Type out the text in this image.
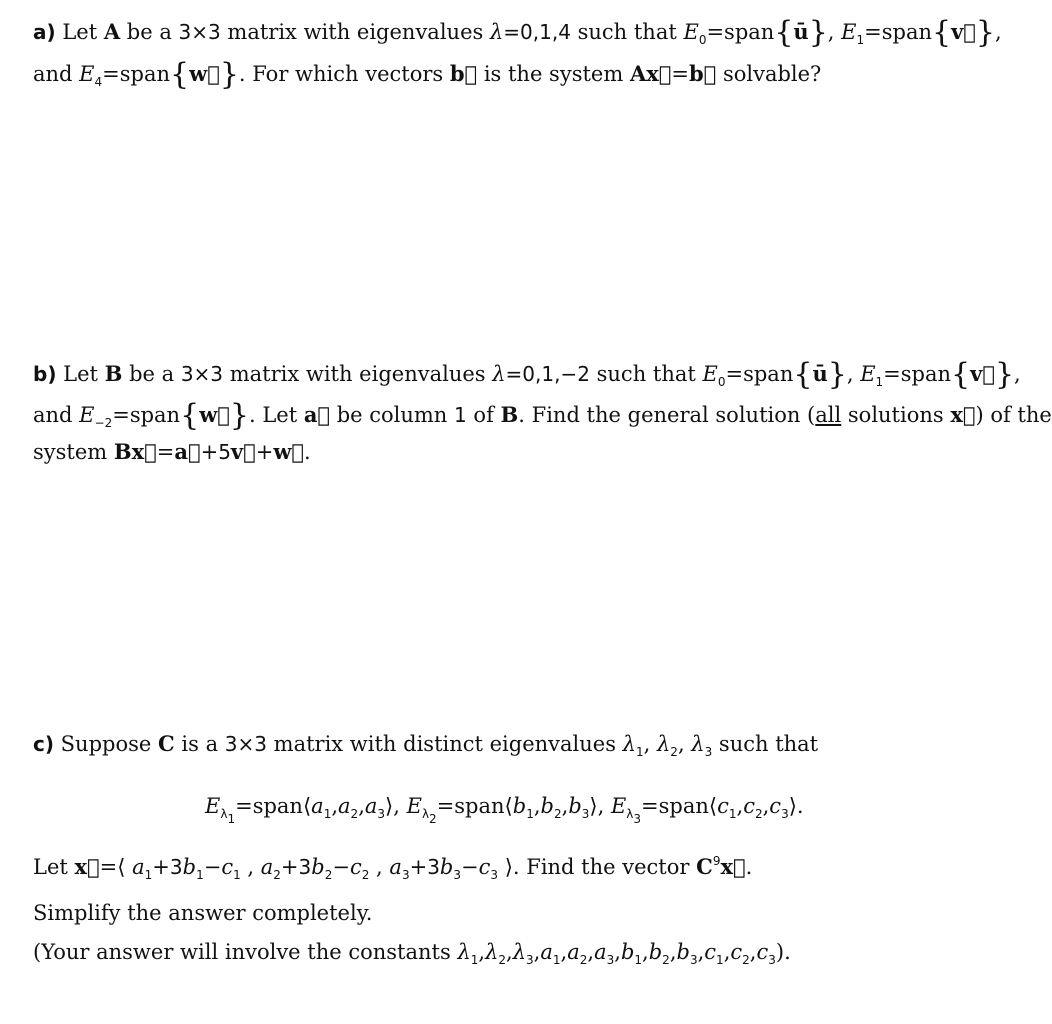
a) Let A be a 3×3 matrix with eigenvalues λ=0,1,4 such that $E_0=span\{ū\}$, $E_1=span\{v⃗\}$,
and $E_4=span\{w⃗\}$. For which vectors b⃗ is the system Ax⃗=b⃗ solvable?
b) Let B be a 3×3 matrix with eigenvalues λ=0,1,−2 such that $E_0=span\{ū\}$, $E_1=span\{v⃗\}$,
and $E_{-2}=span\{w⃗\}$. Let a⃗ be column 1 of B. Find the general solution (all solutions x⃗) of the
system Bx⃗=a⃗+5v⃗+w⃗.
c) Suppose C is a 3×3 matrix with distinct eigenvalues $\lambda_1$, $\lambda_2$, $\lambda_3$ such that
$E_{\lambda_1}=span⟨a_1,a_2,a_3⟩$, $E_{\lambda_2}=span⟨b_1,b_2,b_3⟩$, $E_{\lambda_3}=span⟨c_1,c_2,c_3⟩$.
Let x⃗=⟨ $a_1+3b_1-c_1$ , $a_2+3b_2-c_2$ , $a_3+3b_3-c_3$ ⟩. Find the vector $C^9x⃗$.
Simplify the answer completely.
(Your answer will involve the constants $\lambda_1,\lambda_2,\lambda_3,a_1,a_2,a_3,b_1,b_2,b_3,c_1,c_2,c_3$).
